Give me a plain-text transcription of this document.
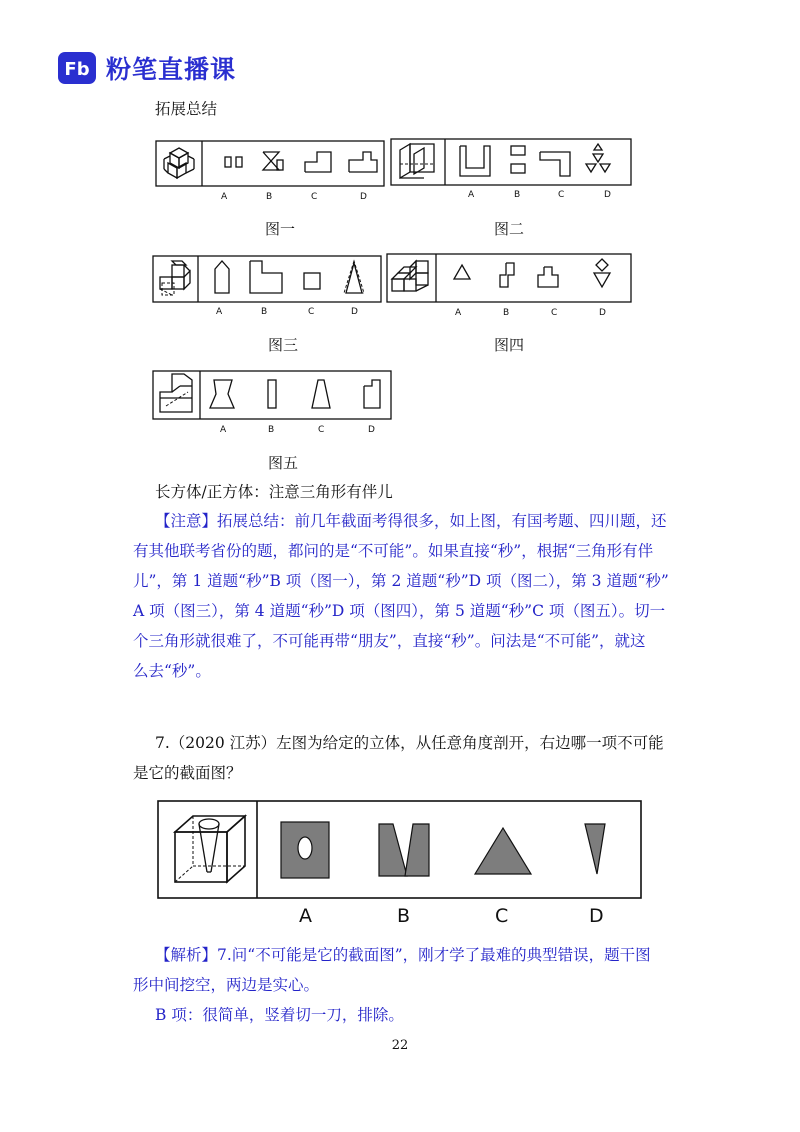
Fb 粉笔直播课
拓展总结
A	B	C	D
图一
A	B	C	D
图二
A	B	C	D
图三
A	B	C	D
图四
A	B	C	D
图五
长方体/正方体：注意三角形有伴儿
【注意】拓展总结：前几年截面考得很多，如上图，有国考题、四川题，还
有其他联考省份的题，都问的是“不可能”。如果直接“秒”，根据“三角形有伴
儿”，第 1 道题“秒”B 项（图一），第 2 道题“秒”D 项（图二），第 3 道题“秒”
A 项（图三），第 4 道题“秒”D 项（图四），第 5 道题“秒”C 项（图五）。切一
个三角形就很难了，不可能再带“朋友”，直接“秒”。问法是“不可能”，就这
么去“秒”。
7.（2020 江苏）左图为给定的立体，从任意角度剖开，右边哪一项不可能
是它的截面图？
A	B	C	D
【解析】7.问“不可能是它的截面图”，刚才学了最难的典型错误，题干图
形中间挖空，两边是实心。
B 项：很简单，竖着切一刀，排除。
22
